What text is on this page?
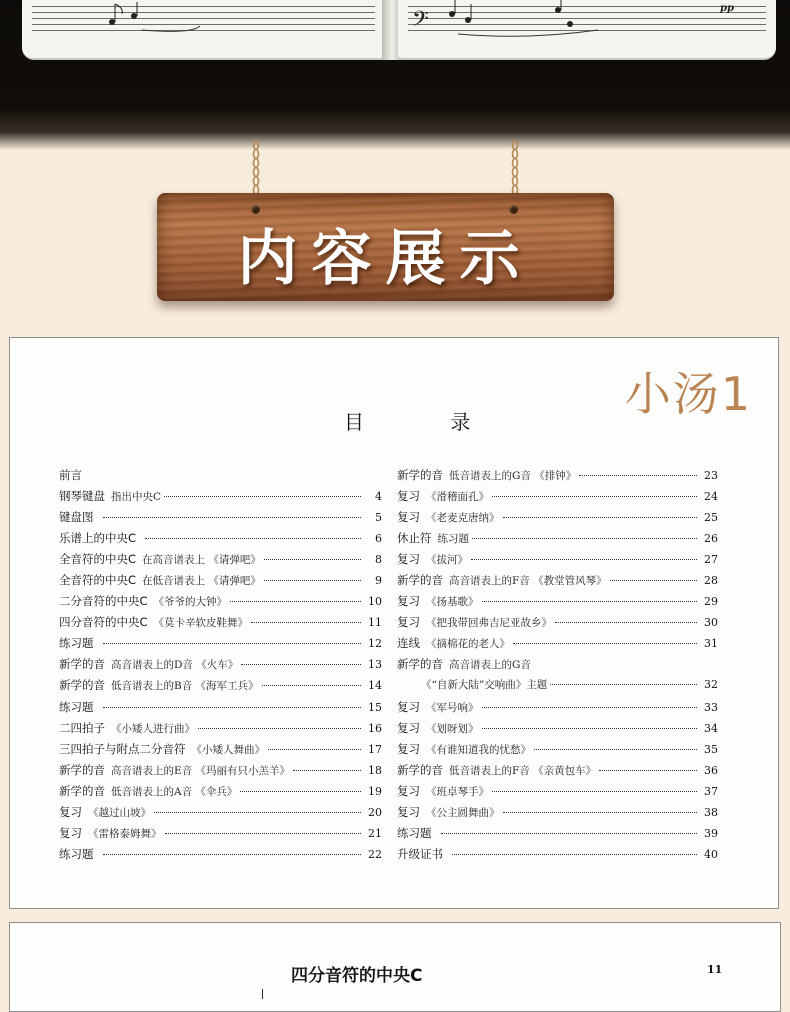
𝄢	pp
内容展示
小汤1
目 录
前言
钢琴键盘 指出中央C	4
键盘图	5
乐谱上的中央C	6
全音符的中央C 在高音谱表上 《请弹吧》	8
全音符的中央C 在低音谱表上 《请弹吧》	9
二分音符的中央C 《爷爷的大钟》	10
四分音符的中央C 《莫卡辛软皮鞋舞》	11
练习题	12
新学的音 高音谱表上的D音 《火车》	13
新学的音 低音谱表上的B音 《海军工兵》	14
练习题	15
二四拍子 《小矮人进行曲》	16
三四拍子与附点二分音符 《小矮人舞曲》	17
新学的音 高音谱表上的E音 《玛丽有只小羔羊》	18
新学的音 低音谱表上的A音 《伞兵》	19
复习 《越过山坡》	20
复习 《雷格泰姆舞》	21
练习题	22
新学的音 低音谱表上的G音 《排钟》	23
复习 《滑稽面孔》	24
复习 《老麦克唐纳》	25
休止符 练习题	26
复习 《拔河》	27
新学的音 高音谱表上的F音 《教堂管风琴》	28
复习 《扬基歌》	29
复习 《把我带回弗吉尼亚故乡》	30
连线 《摘棉花的老人》	31
新学的音 高音谱表上的G音
《“自新大陆”交响曲》主题	32
复习 《军号响》	33
复习 《划呀划》	34
复习 《有谁知道我的忧愁》	35
新学的音 低音谱表上的F音 《亲黄包车》	36
复习 《班卓琴手》	37
复习 《公主圆舞曲》	38
练习题	39
升级证书	40
四分音符的中央C	11
